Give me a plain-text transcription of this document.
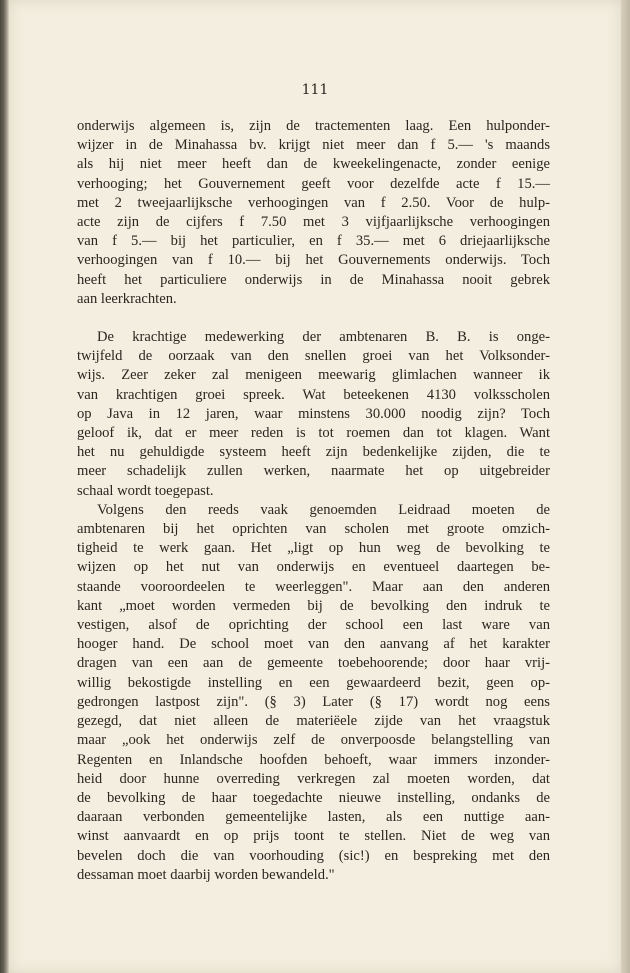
111
onderwijs algemeen is, zijn de tractementen laag. Een hulponder-
wijzer in de Minahassa bv. krijgt niet meer dan f 5.— 's maands
als hij niet meer heeft dan de kweekelingenacte, zonder eenige
verhooging; het Gouvernement geeft voor dezelfde acte f 15.—
met 2 tweejaarlijksche verhoogingen van f 2.50. Voor de hulp-
acte zijn de cijfers f 7.50 met 3 vijfjaarlijksche verhoogingen
van f 5.— bij het particulier, en f 35.— met 6 driejaarlijksche
verhoogingen van f 10.— bij het Gouvernements onderwijs. Toch
heeft het particuliere onderwijs in de Minahassa nooit gebrek
aan leerkrachten.
De krachtige medewerking der ambtenaren B. B. is onge-
twijfeld de oorzaak van den snellen groei van het Volksonder-
wijs. Zeer zeker zal menigeen meewarig glimlachen wanneer ik
van krachtigen groei spreek. Wat beteekenen 4130 volksscholen
op Java in 12 jaren, waar minstens 30.000 noodig zijn? Toch
geloof ik, dat er meer reden is tot roemen dan tot klagen. Want
het nu gehuldigde systeem heeft zijn bedenkelijke zijden, die te
meer schadelijk zullen werken, naarmate het op uitgebreider
schaal wordt toegepast.
Volgens den reeds vaak genoemden Leidraad moeten de
ambtenaren bij het oprichten van scholen met groote omzich-
tigheid te werk gaan. Het „ligt op hun weg de bevolking te
wijzen op het nut van onderwijs en eventueel daartegen be-
staande vooroordeelen te weerleggen". Maar aan den anderen
kant „moet worden vermeden bij de bevolking den indruk te
vestigen, alsof de oprichting der school een last ware van
hooger hand. De school moet van den aanvang af het karakter
dragen van een aan de gemeente toebehoorende; door haar vrij-
willig bekostigde instelling en een gewaardeerd bezit, geen op-
gedrongen lastpost zijn". (§ 3) Later (§ 17) wordt nog eens
gezegd, dat niet alleen de materiëele zijde van het vraagstuk
maar „ook het onderwijs zelf de onverpoosde belangstelling van
Regenten en Inlandsche hoofden behoeft, waar immers inzonder-
heid door hunne overreding verkregen zal moeten worden, dat
de bevolking de haar toegedachte nieuwe instelling, ondanks de
daaraan verbonden gemeentelijke lasten, als een nuttige aan-
winst aanvaardt en op prijs toont te stellen. Niet de weg van
bevelen doch die van voorhouding (sic!) en bespreking met den
dessaman moet daarbij worden bewandeld."
